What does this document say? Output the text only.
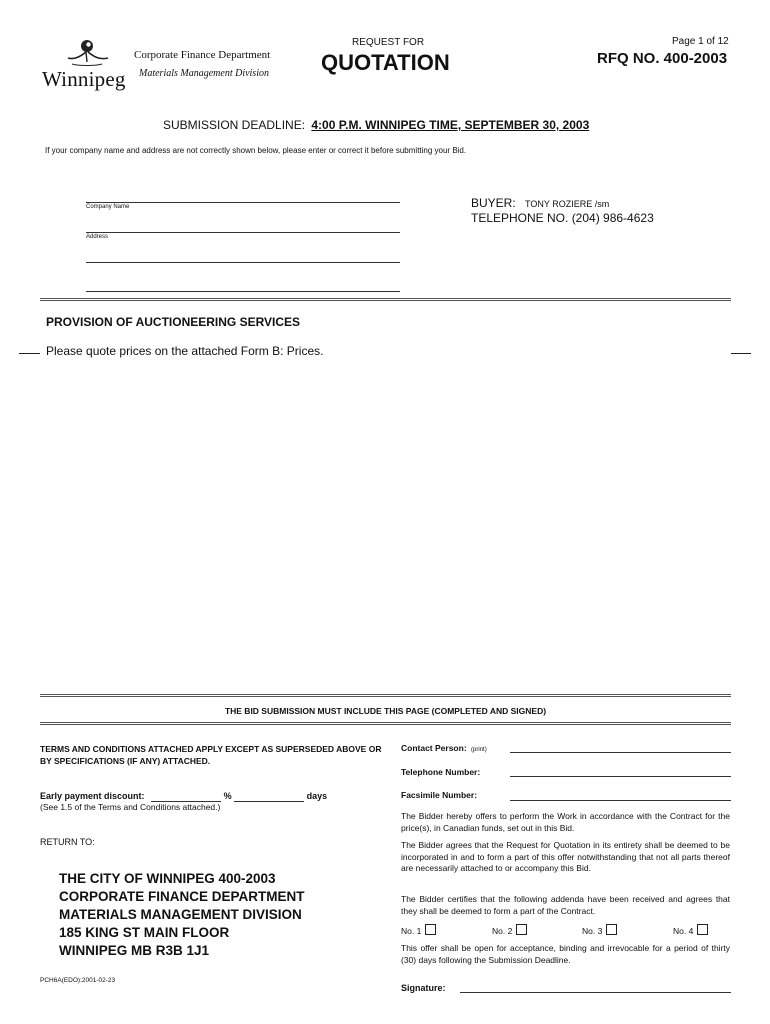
Winnipeg
Corporate Finance Department
Materials Management Division
REQUEST FOR
QUOTATION
Page 1 of 12
RFQ NO. 400-2003
SUBMISSION DEADLINE: 4:00 P.M. WINNIPEG TIME, SEPTEMBER 30, 2003
If your company name and address are not correctly shown below, please enter or correct it before submitting your Bid.
Company Name
Address
BUYER: TONY ROZIERE /sm
TELEPHONE NO. (204) 986-4623
PROVISION OF AUCTIONEERING SERVICES
Please quote prices on the attached Form B: Prices.
THE BID SUBMISSION MUST INCLUDE THIS PAGE (COMPLETED AND SIGNED)
TERMS AND CONDITIONS ATTACHED APPLY EXCEPT AS SUPERSEDED ABOVE OR BY SPECIFICATIONS (IF ANY) ATTACHED.
Early payment discount:	%	days
(See 1.5 of the Terms and Conditions attached.)
RETURN TO:
THE CITY OF WINNIPEG 400-2003
CORPORATE FINANCE DEPARTMENT
MATERIALS MANAGEMENT DIVISION
185 KING ST MAIN FLOOR
WINNIPEG MB R3B 1J1
PCH6A(EDO):2001-02-23
Contact Person: (print)
Telephone Number:
Facsimile Number:
The Bidder hereby offers to perform the Work in accordance with the Contract for the price(s), in Canadian funds, set out in this Bid.
The Bidder agrees that the Request for Quotation in its entirety shall be deemed to be incorporated in and to form a part of this offer notwithstanding that not all parts thereof are necessarily attached to or accompany this Bid.
The Bidder certifies that the following addenda have been received and agrees that they shall be deemed to form a part of the Contract.
No. 1	No. 2	No. 3	No. 4
This offer shall be open for acceptance, binding and irrevocable for a period of thirty (30) days following the Submission Deadline.
Signature:
